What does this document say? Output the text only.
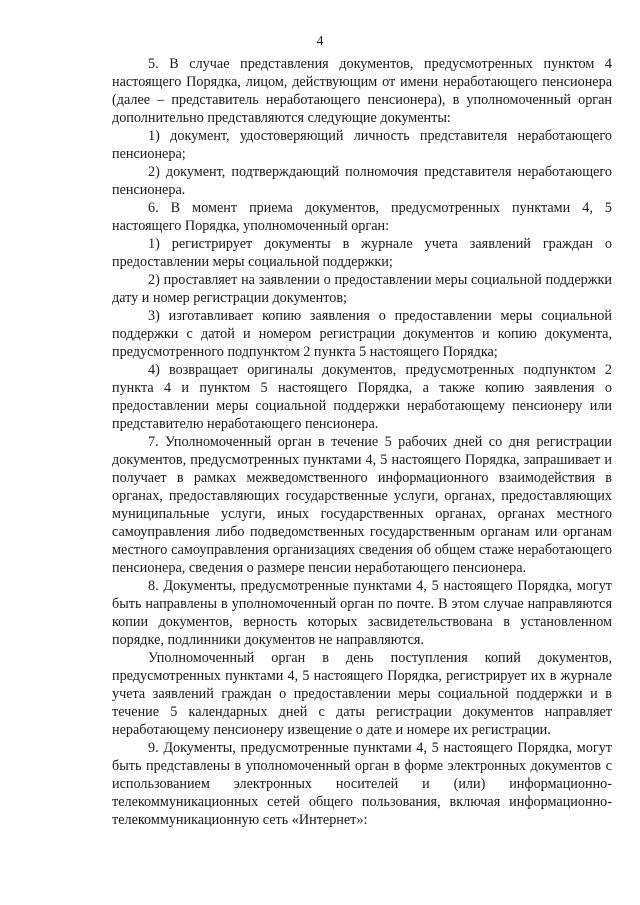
4

5. В случае представления документов, предусмотренных пунктом 4 настоящего Порядка, лицом, действующим от имени неработающего пенсионера (далее – представитель неработающего пенсионера), в уполномоченный орган дополнительно представляются следующие документы:

1) документ, удостоверяющий личность представителя неработающего пенсионера;

2) документ, подтверждающий полномочия представителя неработающего пенсионера.

6. В момент приема документов, предусмотренных пунктами 4, 5 настоящего Порядка, уполномоченный орган:

1) регистрирует документы в журнале учета заявлений граждан о предоставлении меры социальной поддержки;

2) проставляет на заявлении о предоставлении меры социальной поддержки дату и номер регистрации документов;

3) изготавливает копию заявления о предоставлении меры социальной поддержки с датой и номером регистрации документов и копию документа, предусмотренного подпунктом 2 пункта 5 настоящего Порядка;

4) возвращает оригиналы документов, предусмотренных подпунктом 2 пункта 4 и пунктом 5 настоящего Порядка, а также копию заявления о предоставлении меры социальной поддержки неработающему пенсионеру или представителю неработающего пенсионера.

7. Уполномоченный орган в течение 5 рабочих дней со дня регистрации документов, предусмотренных пунктами 4, 5 настоящего Порядка, запрашивает и получает в рамках межведомственного информационного взаимодействия в органах, предоставляющих государственные услуги, органах, предоставляющих муниципальные услуги, иных государственных органах, органах местного самоуправления либо подведомственных государственным органам или органам местного самоуправления организациях сведения об общем стаже неработающего пенсионера, сведения о размере пенсии неработающего пенсионера.

8. Документы, предусмотренные пунктами 4, 5 настоящего Порядка, могут быть направлены в уполномоченный орган по почте. В этом случае направляются копии документов, верность которых засвидетельствована в установленном порядке, подлинники документов не направляются.

Уполномоченный орган в день поступления копий документов, предусмотренных пунктами 4, 5 настоящего Порядка, регистрирует их в журнале учета заявлений граждан о предоставлении меры социальной поддержки и в течение 5 календарных дней с даты регистрации документов направляет неработающему пенсионеру извещение о дате и номере их регистрации.

9. Документы, предусмотренные пунктами 4, 5 настоящего Порядка, могут быть представлены в уполномоченный орган в форме электронных документов с использованием электронных носителей и (или) информационно-телекоммуникационных сетей общего пользования, включая информационно-телекоммуникационную сеть «Интернет»:
